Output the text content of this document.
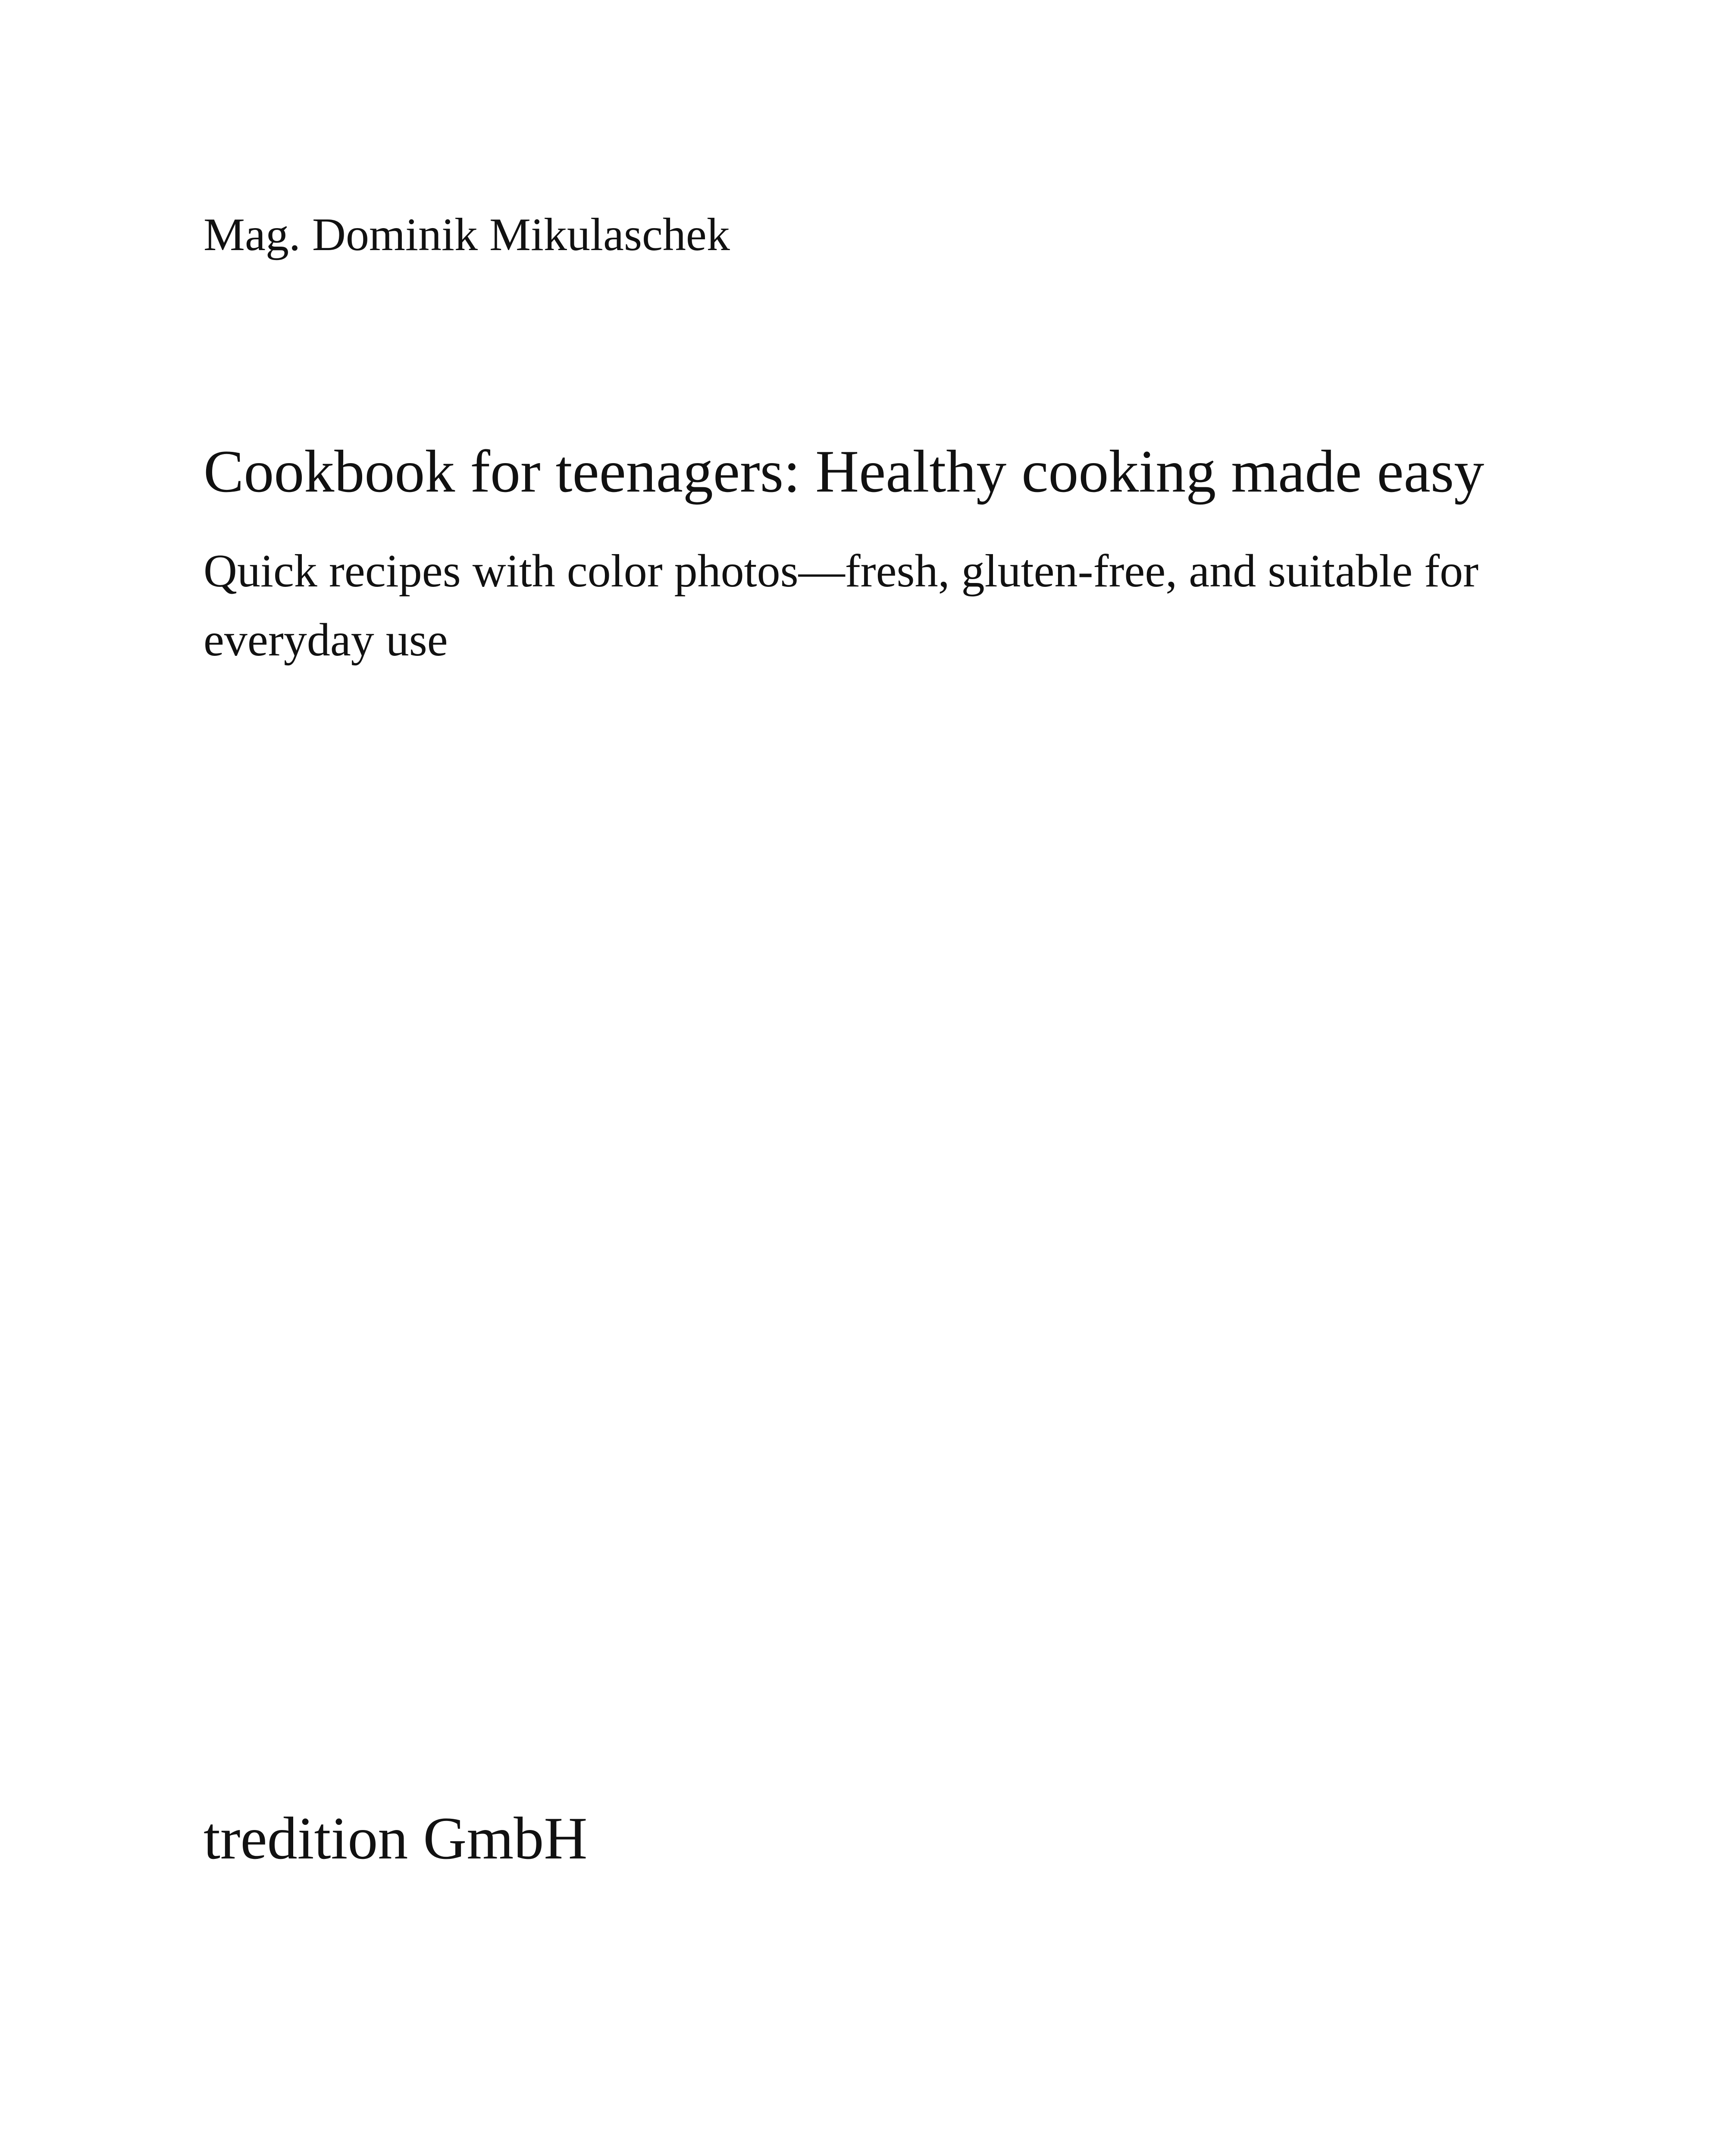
Mag. Dominik Mikulaschek

Cookbook for teenagers: Healthy cooking made easy

Quick recipes with color photos—fresh, gluten-free, and suitable for everyday use

tredition GmbH
